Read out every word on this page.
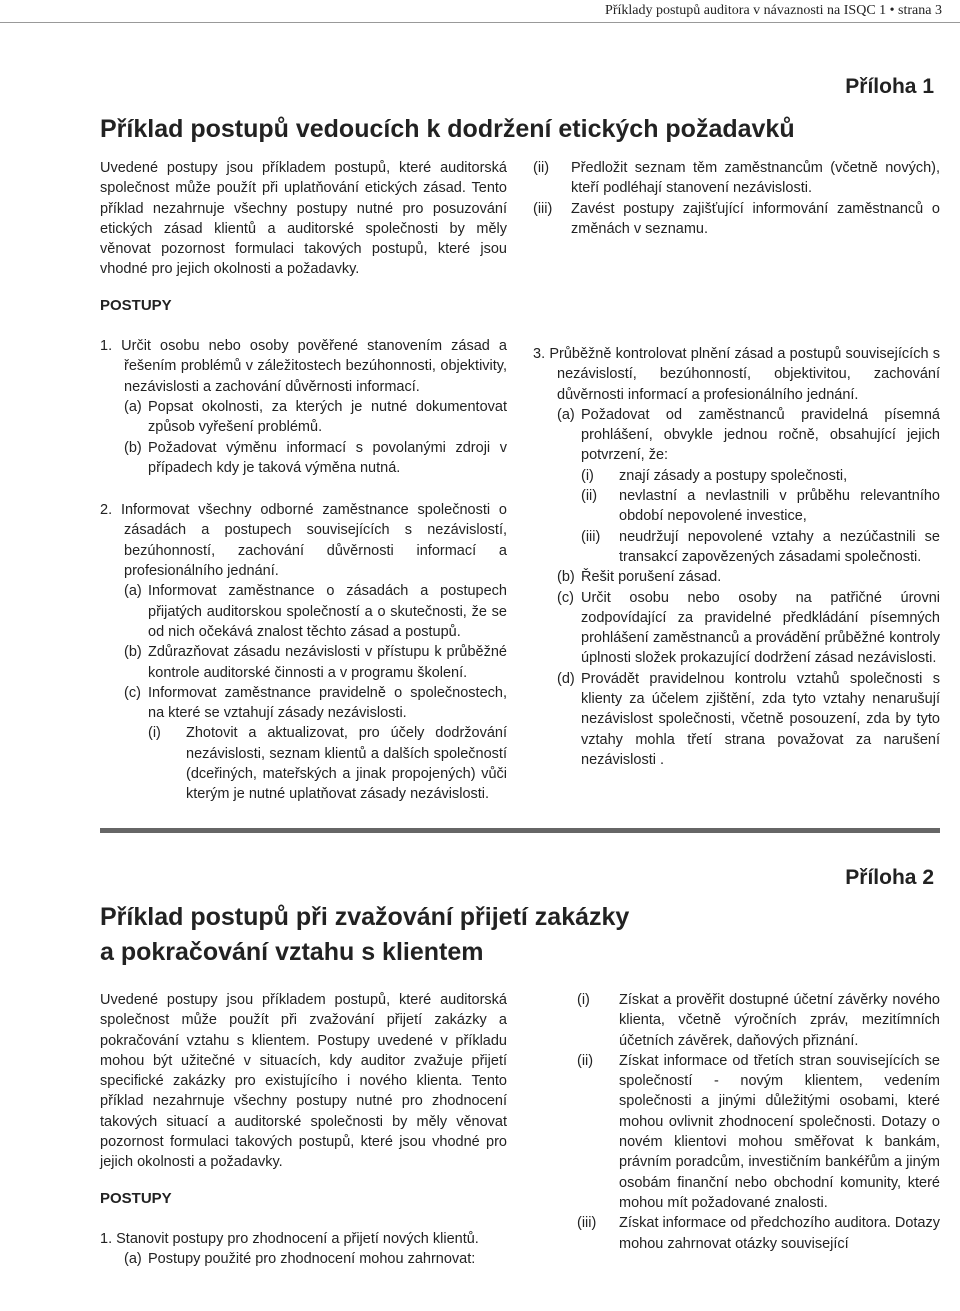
Příklady postupů auditora v návaznosti na ISQC 1 • strana 3
Příloha 1
Příklad postupů vedoucích k dodržení etických požadavků

Uvedené postupy jsou příkladem postupů, které auditorská společnost může použít při uplatňování etických zásad. Tento příklad nezahrnuje všechny postupy nutné pro posuzování etických zásad klientů a auditorské společnosti by měly věnovat pozornost formulaci takových postupů, které jsou vhodné pro jejich okolnosti a požadavky.

POSTUPY
1. Určit osobu nebo osoby pověřené stanovením zásad a řešením problémů v záležitostech bezúhonnosti, objektivity, nezávislosti a zachování důvěrnosti informací.
(a) Popsat okolnosti, za kterých je nutné dokumentovat způsob vyřešení problémů.
(b) Požadovat výměnu informací s povolanými zdroji v případech kdy je taková výměna nutná.
2. Informovat všechny odborné zaměstnance společnosti o zásadách a postupech souvisejících s nezávislostí, bezúhonností, zachování důvěrnosti informací a profesionálního jednání.
(a) Informovat zaměstnance o zásadách a postupech přijatých auditorskou společností a o skutečnosti, že se od nich očekává znalost těchto zásad a postupů.
(b) Zdůrazňovat zásadu nezávislosti v přístupu k průběžné kontrole auditorské činnosti a v programu školení.
(c) Informovat zaměstnance pravidelně o společnostech, na které se vztahují zásady nezávislosti.
(i) Zhotovit a aktualizovat, pro účely dodržování nezávislosti, seznam klientů a dalších společností (dceřiných, mateřských a jinak propojených) vůči kterým je nutné uplatňovat zásady nezávislosti.
(ii) Předložit seznam těm zaměstnancům (včetně nových), kteří podléhají stanovení nezávislosti.
(iii) Zavést postupy zajišťující informování zaměstnanců o změnách v seznamu.
3. Průběžně kontrolovat plnění zásad a postupů souvisejících s nezávislostí, bezúhonností, objektivitou, zachování důvěrnosti informací a profesionálního jednání.
(a) Požadovat od zaměstnanců pravidelná písemná prohlášení, obvykle jednou ročně, obsahující jejich potvrzení, že:
(i) znají zásady a postupy společnosti,
(ii) nevlastní a nevlastnili v průběhu relevantního období nepovolené investice,
(iii) neudržují nepovolené vztahy a nezúčastnili se transakcí zapovězených zásadami společnosti.
(b) Řešit porušení zásad.
(c) Určit osobu nebo osoby na patřičné úrovni zodpovídající za pravidelné předkládání písemných prohlášení zaměstnanců a provádění průběžné kontroly úplnosti složek prokazující dodržení zásad nezávislosti.
(d) Provádět pravidelnou kontrolu vztahů společnosti s klienty za účelem zjištění, zda tyto vztahy nenarušují nezávislost společnosti, včetně posouzení, zda by tyto vztahy mohla třetí strana považovat za narušení nezávislosti .
Příloha 2
Příklad postupů při zvažování přijetí zakázky
a pokračování vztahu s klientem

Uvedené postupy jsou příkladem postupů, které auditorská společnost může použít při zvažování přijetí zakázky a pokračování vztahu s klientem. Postupy uvedené v příkladu mohou být užitečné v situacích, kdy auditor zvažuje přijetí specifické zakázky pro existujícího i nového klienta. Tento příklad nezahrnuje všechny postupy nutné pro zhodnocení takových situací a auditorské společnosti by měly věnovat pozornost formulaci takových postupů, které jsou vhodné pro jejich okolnosti a požadavky.

POSTUPY
1. Stanovit postupy pro zhodnocení a přijetí nových klientů.
(a) Postupy použité pro zhodnocení mohou zahrnovat:
(i) Získat a prověřit dostupné účetní závěrky nového klienta, včetně výročních zpráv, mezitímních účetních závěrek, daňových přiznání.
(ii) Získat informace od třetích stran souvisejících se společností - novým klientem, vedením společnosti a jinými důležitými osobami, které mohou ovlivnit zhodnocení společnosti. Dotazy o novém klientovi mohou směřovat k bankám, právním poradcům, investičním bankéřům a jiným osobám finanční nebo obchodní komunity, které mohou mít požadované znalosti.
(iii) Získat informace od předchozího auditora. Dotazy mohou zahrnovat otázky související
